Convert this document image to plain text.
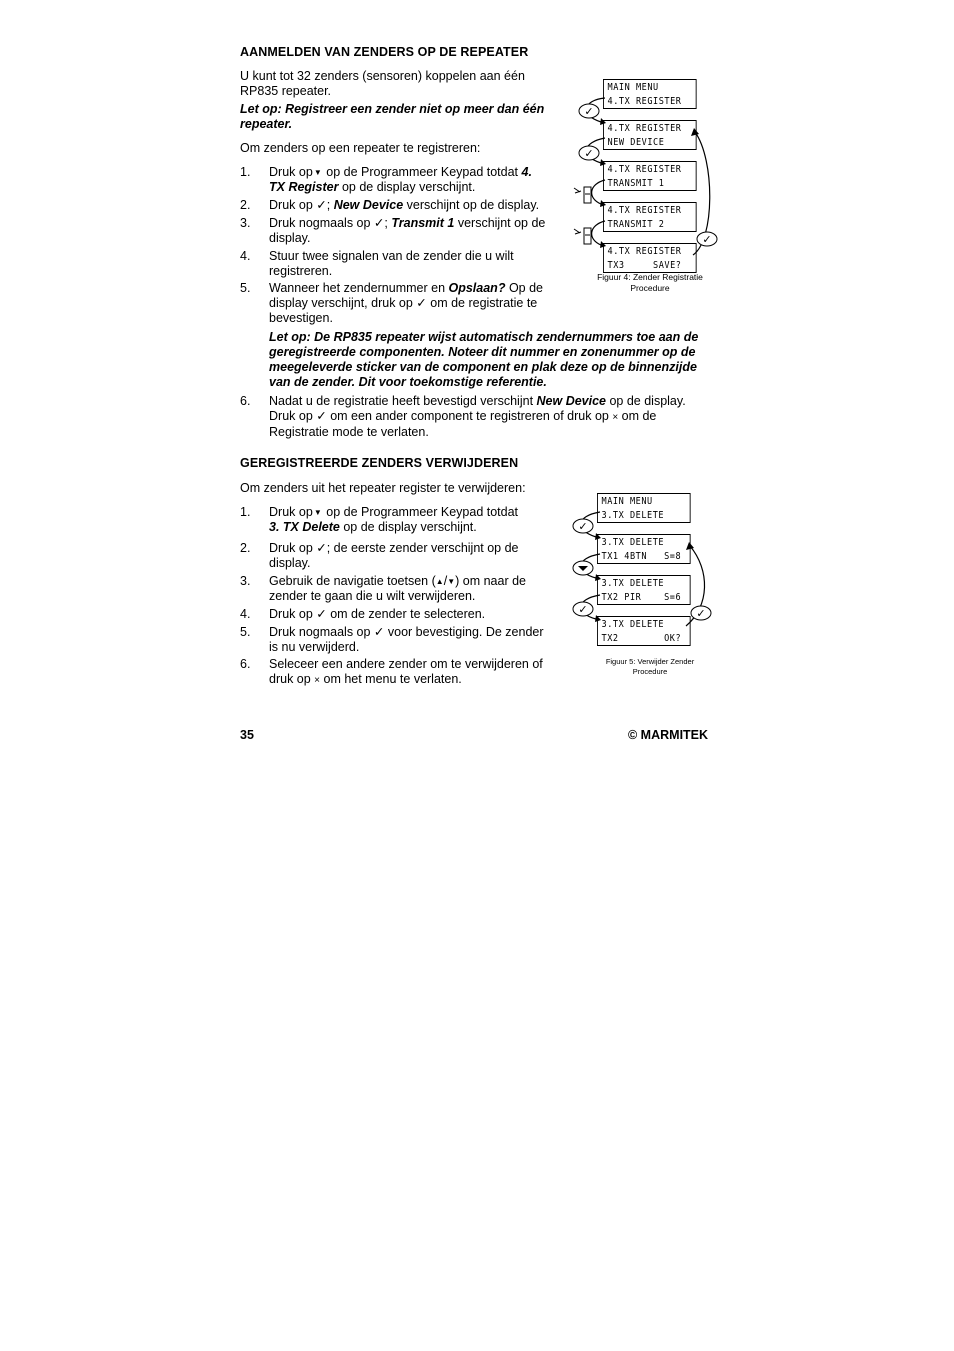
AANMELDEN VAN ZENDERS OP DE REPEATER
U kunt tot 32 zenders (sensoren) koppelen aan één
RP835 repeater.
Let op: Registreer een zender niet op meer dan één
repeater.
Om zenders op een repeater te registreren:
1. Druk op▼ op de Programmeer Keypad totdat 4.
TX Register op de display verschijnt.
2. Druk op ✓; New Device verschijnt op de display.
3. Druk nogmaals op ✓; Transmit 1 verschijnt op de
display.
4. Stuur twee signalen van de zender die u wilt
registreren.
5. Wanneer het zendernummer en Opslaan? Op de
display verschijnt, druk op ✓ om de registratie te
bevestigen.
Let op: De RP835 repeater wijst automatisch zendernummers toe aan de
geregistreerde componenten. Noteer dit nummer en zonenummer op de
meegeleverde sticker van de component en plak deze op de binnenzijde
van de zender. Dit voor toekomstige referentie.
6. Nadat u de registratie heeft bevestigd verschijnt New Device op de display.
Druk op ✓ om een ander component te registreren of druk op × om de
Registratie mode te verlaten.
MAIN MENU
4.TX REGISTER
4.TX REGISTER
NEW DEVICE
4.TX REGISTER
TRANSMIT 1
4.TX REGISTER
TRANSMIT 2
4.TX REGISTER
TX3     SAVE?
✓
✓
✓
Figuur 4: Zender Registratie
Procedure
GEREGISTREERDE ZENDERS VERWIJDEREN
Om zenders uit het repeater register te verwijderen:
1. Druk op▼ op de Programmeer Keypad totdat
3. TX Delete op de display verschijnt.
2. Druk op ✓; de eerste zender verschijnt op de
display.
3. Gebruik de navigatie toetsen (▲/▼) om naar de
zender te gaan die u wilt verwijderen.
4. Druk op ✓ om de zender te selecteren.
5. Druk nogmaals op ✓ voor bevestiging. De zender
is nu verwijderd.
6. Seleceer een andere zender om te verwijderen of
druk op × om het menu te verlaten.
MAIN MENU
3.TX DELETE
3.TX DELETE
TX1 4BTN   S=8
3.TX DELETE
TX2 PIR    S=6
3.TX DELETE
TX2        OK?
✓
✓	✓
Figuur 5: Verwijder Zender
Procedure
35	© MARMITEK
